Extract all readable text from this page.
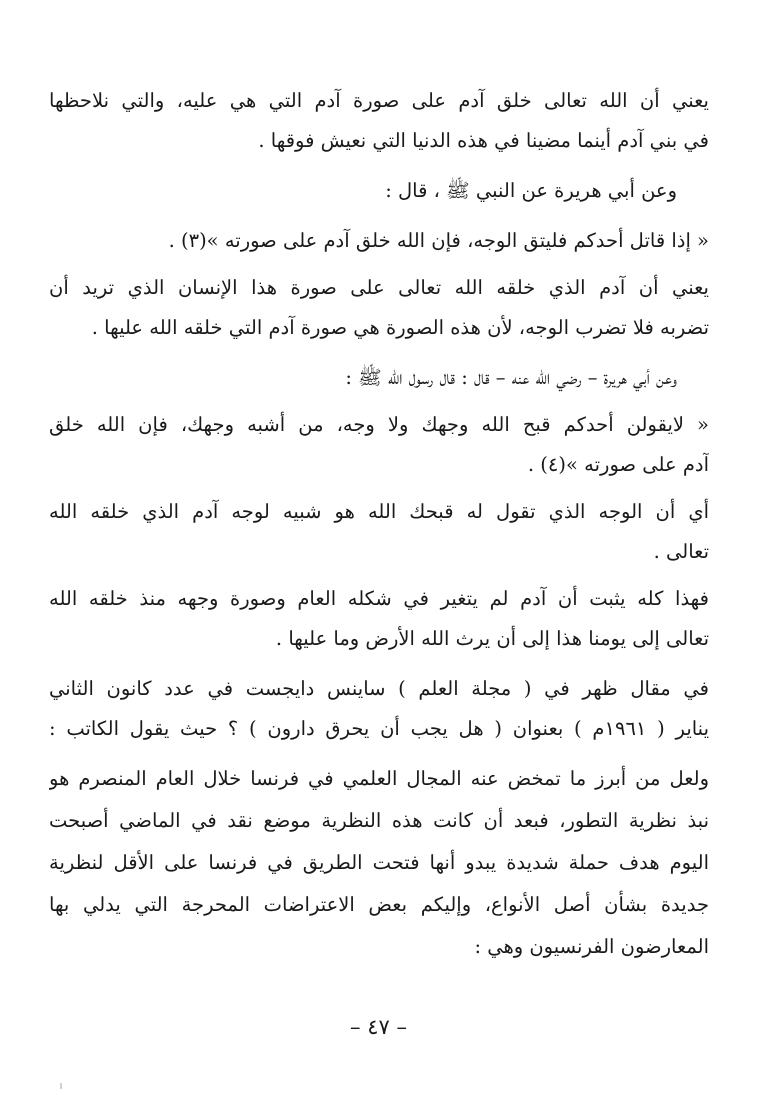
يعني أن الله تعالى خلق آدم على صورة آدم التي هي عليه، والتي نلاحظها
في بني آدم أينما مضينا في هذه الدنيا التي نعيش فوقها .
وعن أبي هريرة عن النبي ﷺ ، قال :
« إذا قاتل أحدكم فليتق الوجه، فإن الله خلق آدم على صورته »(٣) .
يعني أن آدم الذي خلقه الله تعالى على صورة هذا الإنسان الذي تريد أن
تضربه فلا تضرب الوجه، لأن هذه الصورة هي صورة آدم التي خلقه الله عليها .
وعن أبي هريرة – رضي الله عنه – قال : قال رسول الله ﷺ :
« لايقولن أحدكم قبح الله وجهك ولا وجه، من أشبه وجهك، فإن الله خلق
آدم على صورته »(٤) .
أي أن الوجه الذي تقول له قبحك الله هو شبيه لوجه آدم الذي خلقه الله
تعالى .
فهذا كله يثبت أن آدم لم يتغير في شكله العام وصورة وجهه منذ خلقه الله
تعالى إلى يومنا هذا إلى أن يرث الله الأرض وما عليها .
في مقال ظهر في ( مجلة العلم ) ساينس دايجست في عدد كانون الثاني
يناير ( ١٩٦١م ) بعنوان ( هل يجب أن يحرق دارون ) ؟ حيث يقول الكاتب :
ولعل من أبرز ما تمخض عنه المجال العلمي في فرنسا خلال العام المنصرم هو
نبذ نظرية التطور، فبعد أن كانت هذه النظرية موضع نقد في الماضي أصبحت
اليوم هدف حملة شديدة يبدو أنها فتحت الطريق في فرنسا على الأقل لنظرية
جديدة بشأن أصل الأنواع، وإليكم بعض الاعتراضات المحرجة التي يدلي بها
المعارضون الفرنسيون وهي :
– ٤٧ –
